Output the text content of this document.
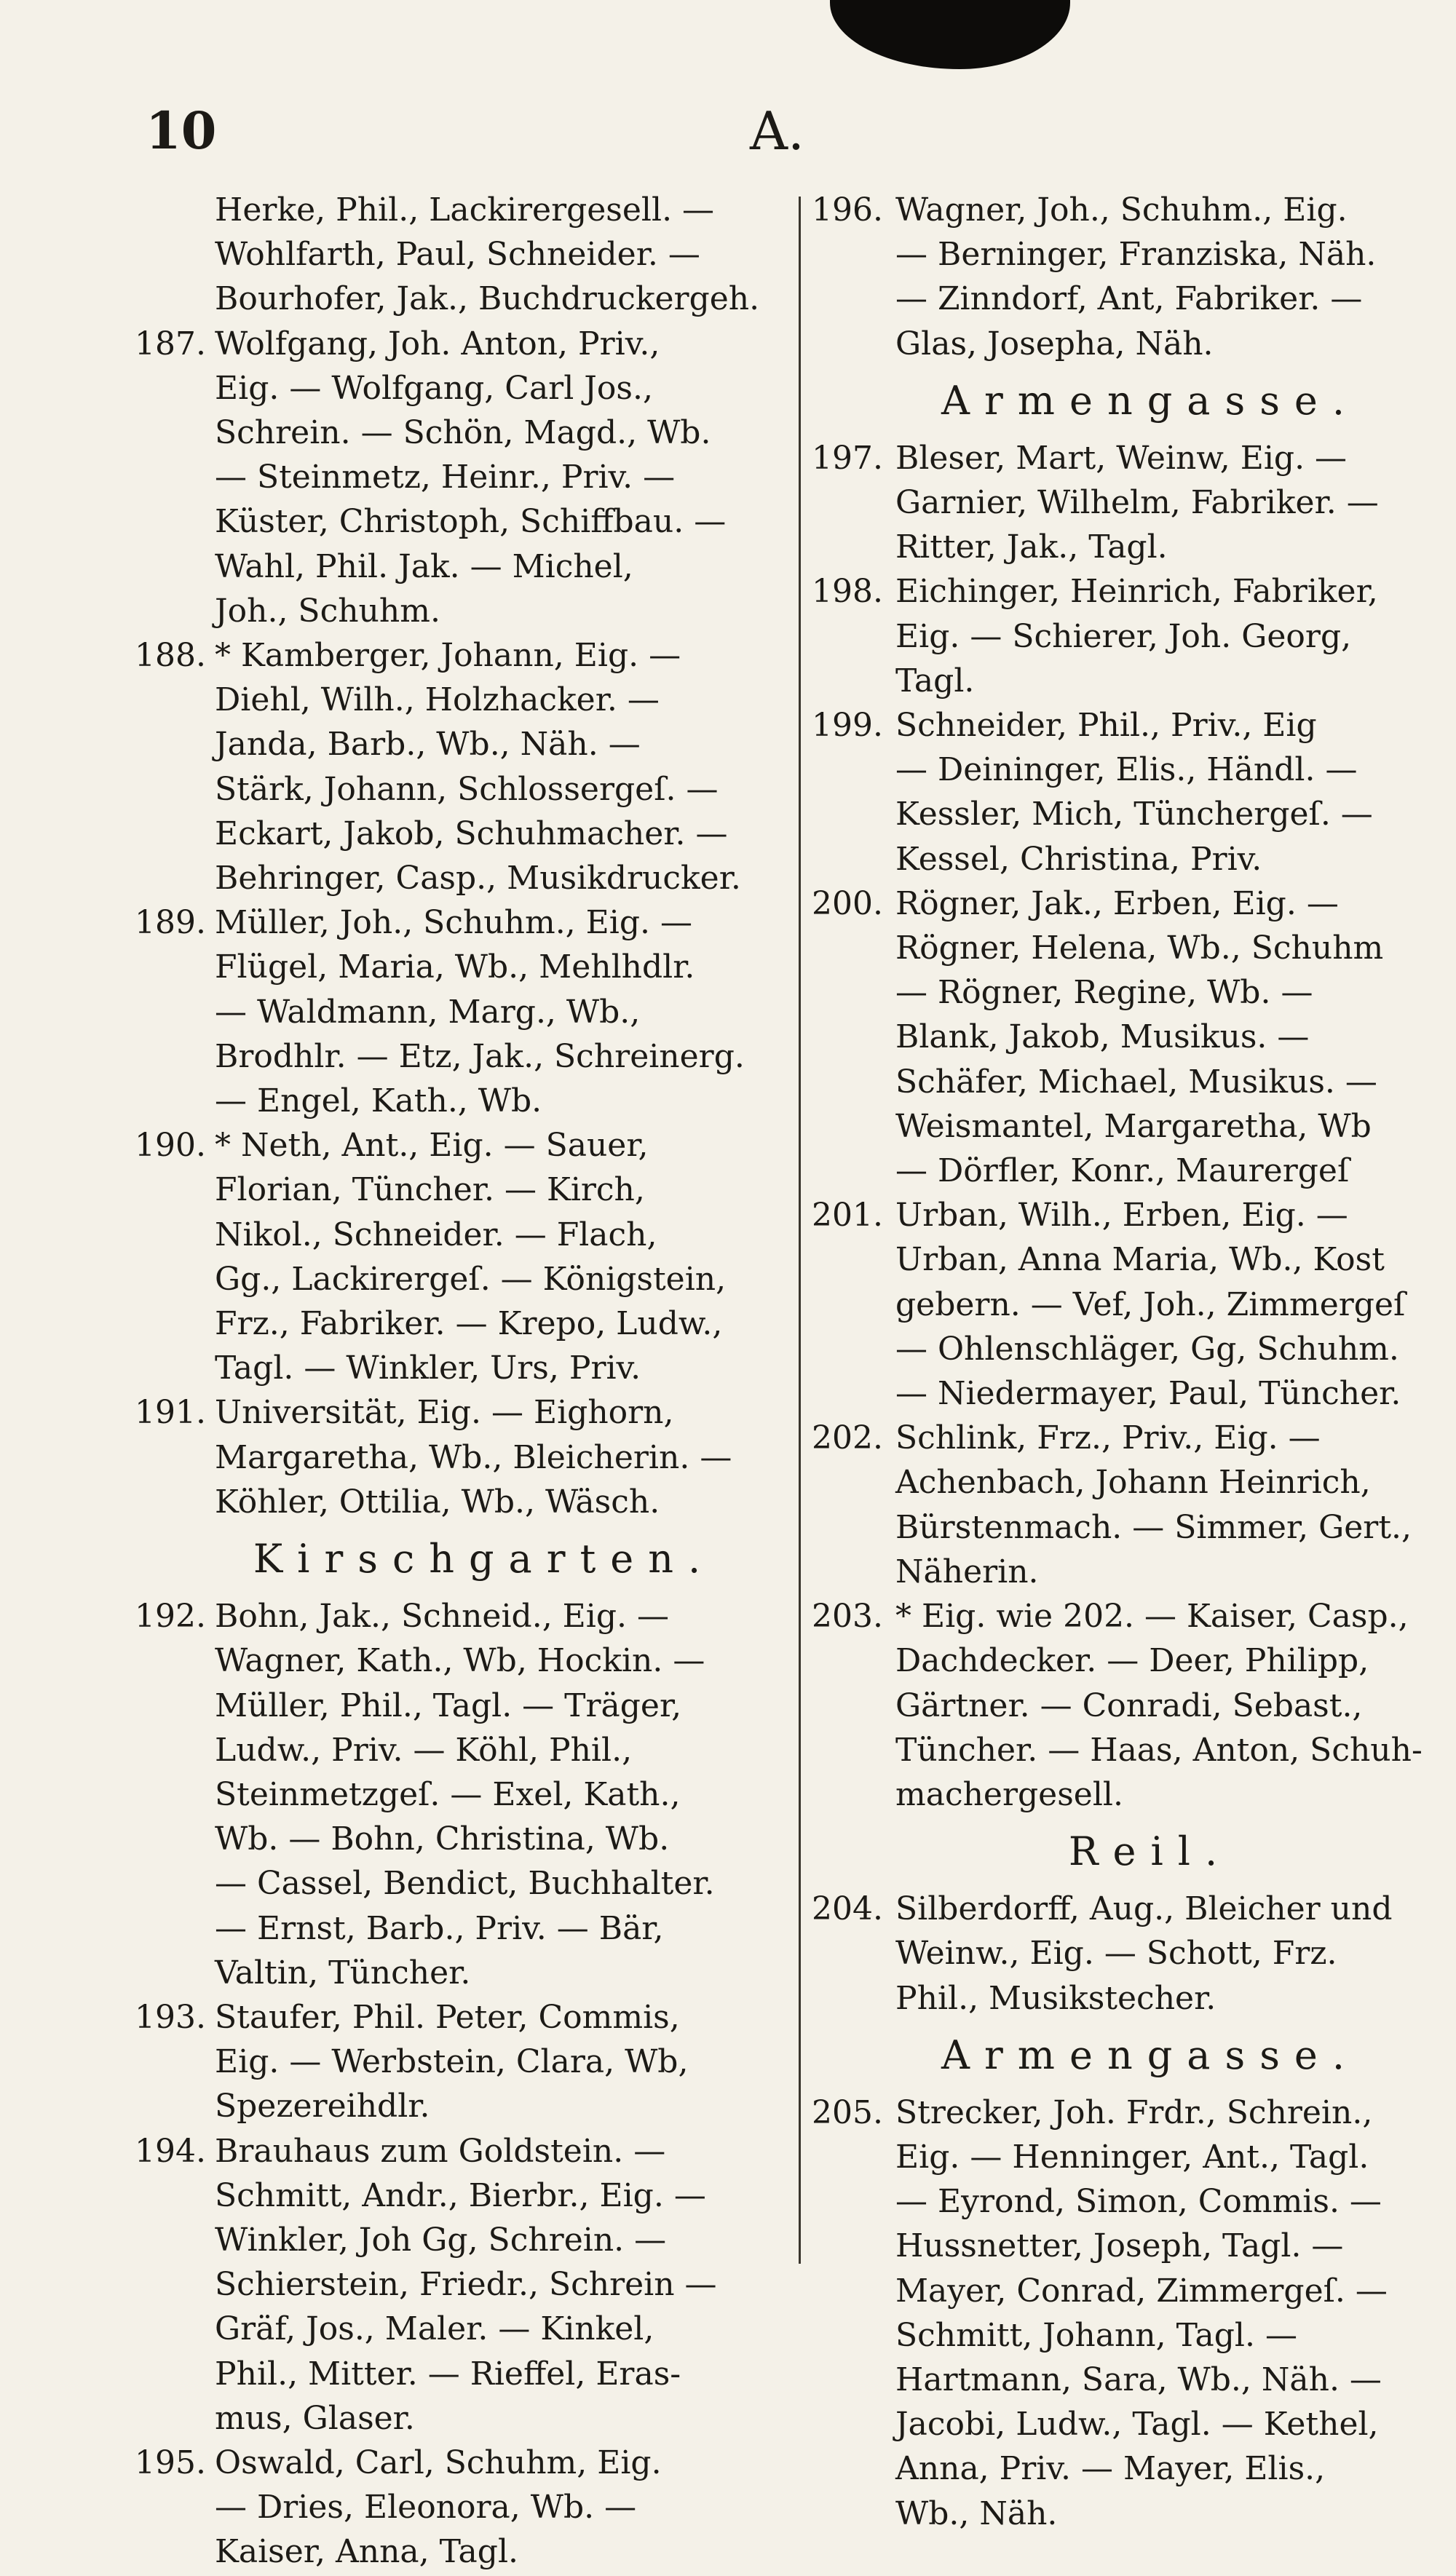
10	A.
Herke, Phil., Lackirergesell. —
Wohlfarth, Paul, Schneider. —
Bourhofer, Jak., Buchdruckergeh.
187. Wolfgang, Joh. Anton, Priv.,
Eig. — Wolfgang, Carl Jos.,
Schrein. — Schön, Magd., Wb.
— Steinmetz, Heinr., Priv. —
Küster, Christoph, Schiffbau. —
Wahl, Phil. Jak. — Michel,
Joh., Schuhm.
188. * Kamberger, Johann, Eig. —
Diehl, Wilh., Holzhacker. —
Janda, Barb., Wb., Näh. —
Stärk, Johann, Schlossergeſ. —
Eckart, Jakob, Schuhmacher. —
Behringer, Casp., Musikdrucker.
189. Müller, Joh., Schuhm., Eig. —
Flügel, Maria, Wb., Mehlhdlr.
— Waldmann, Marg., Wb.,
Brodhlr. — Etz, Jak., Schreinerg.
— Engel, Kath., Wb.
190. * Neth, Ant., Eig. — Sauer,
Florian, Tüncher. — Kirch,
Nikol., Schneider. — Flach,
Gg., Lackirergeſ. — Königstein,
Frz., Fabriker. — Krepo, Ludw.,
Tagl. — Winkler, Urs, Priv.
191. Universität, Eig. — Eighorn,
Margaretha, Wb., Bleicherin. —
Köhler, Ottilia, Wb., Wäsch.
Kirschgarten.
192. Bohn, Jak., Schneid., Eig. —
Wagner, Kath., Wb, Hockin. —
Müller, Phil., Tagl. — Träger,
Ludw., Priv. — Köhl, Phil.,
Steinmetzgeſ. — Exel, Kath.,
Wb. — Bohn, Christina, Wb.
— Cassel, Bendict, Buchhalter.
— Ernst, Barb., Priv. — Bär,
Valtin, Tüncher.
193. Staufer, Phil. Peter, Commis,
Eig. — Werbstein, Clara, Wb,
Spezereihdlr.
194. Brauhaus zum Goldstein. —
Schmitt, Andr., Bierbr., Eig. —
Winkler, Joh Gg, Schrein. —
Schierstein, Friedr., Schrein —
Gräf, Jos., Maler. — Kinkel,
Phil., Mitter. — Rieffel, Eras-
mus, Glaser.
195. Oswald, Carl, Schuhm, Eig.
— Dries, Eleonora, Wb. —
Kaiser, Anna, Tagl.
196. Wagner, Joh., Schuhm., Eig.
— Berninger, Franziska, Näh.
— Zinndorf, Ant, Fabriker. —
Glas, Josepha, Näh.
Armengasse.
197. Bleser, Mart, Weinw, Eig. —
Garnier, Wilhelm, Fabriker. —
Ritter, Jak., Tagl.
198. Eichinger, Heinrich, Fabriker,
Eig. — Schierer, Joh. Georg,
Tagl.
199. Schneider, Phil., Priv., Eig
— Deininger, Elis., Händl. —
Kessler, Mich, Tünchergeſ. —
Kessel, Christina, Priv.
200. Rögner, Jak., Erben, Eig. —
Rögner, Helena, Wb., Schuhm
— Rögner, Regine, Wb. —
Blank, Jakob, Musikus. —
Schäfer, Michael, Musikus. —
Weismantel, Margaretha, Wb
— Dörfler, Konr., Maurergeſ
201. Urban, Wilh., Erben, Eig. —
Urban, Anna Maria, Wb., Kost
gebern. — Vef, Joh., Zimmergeſ
— Ohlenschläger, Gg, Schuhm.
— Niedermayer, Paul, Tüncher.
202. Schlink, Frz., Priv., Eig. —
Achenbach, Johann Heinrich,
Bürstenmach. — Simmer, Gert.,
Näherin.
203. * Eig. wie 202. — Kaiser, Casp.,
Dachdecker. — Deer, Philipp,
Gärtner. — Conradi, Sebast.,
Tüncher. — Haas, Anton, Schuh-
machergesell.
Reil.
204. Silberdorff, Aug., Bleicher und
Weinw., Eig. — Schott, Frz.
Phil., Musikstecher.
Armengasse.
205. Strecker, Joh. Frdr., Schrein.,
Eig. — Henninger, Ant., Tagl.
— Eyrond, Simon, Commis. —
Hussnetter, Joseph, Tagl. —
Mayer, Conrad, Zimmergeſ. —
Schmitt, Johann, Tagl. —
Hartmann, Sara, Wb., Näh. —
Jacobi, Ludw., Tagl. — Kethel,
Anna, Priv. — Mayer, Elis.,
Wb., Näh.
